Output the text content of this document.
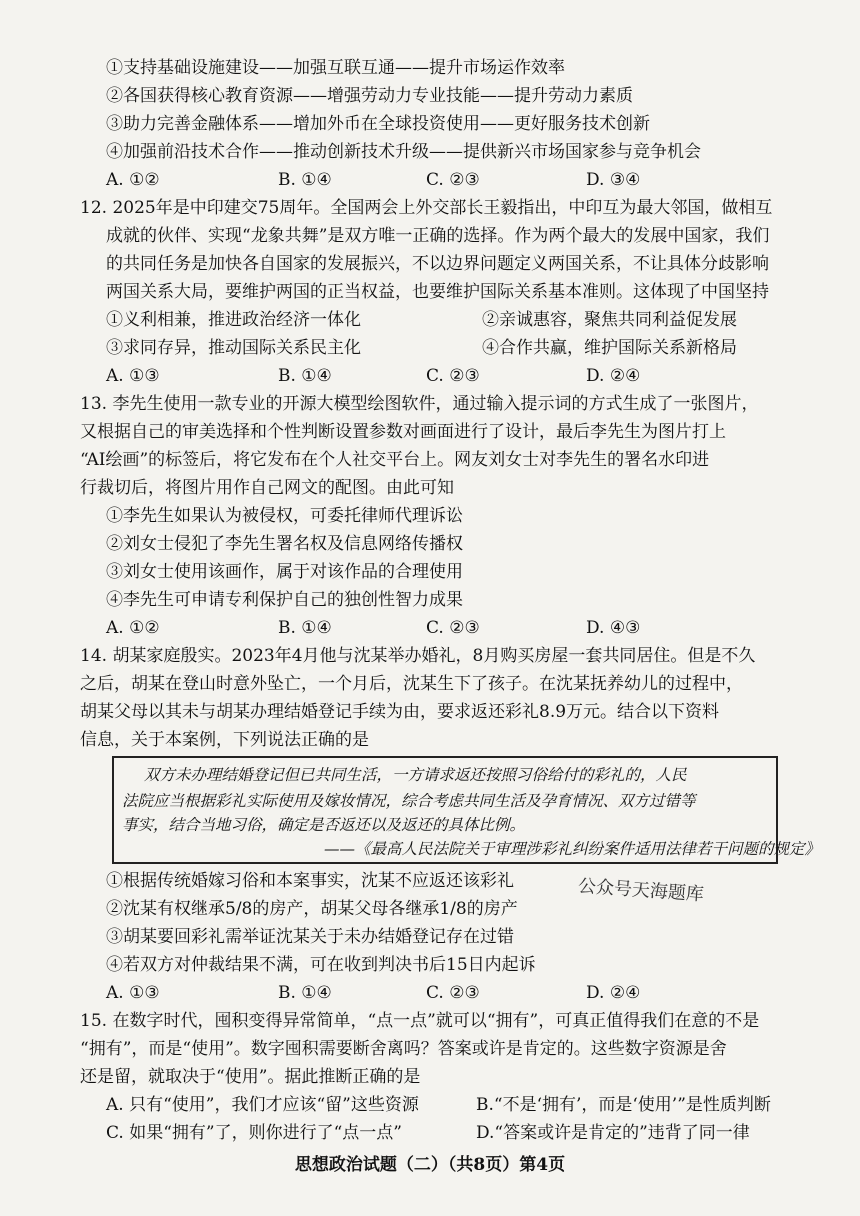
①支持基础设施建设——加强互联互通——提升市场运作效率
②各国获得核心教育资源——增强劳动力专业技能——提升劳动力素质
③助力完善金融体系——增加外币在全球投资使用——更好服务技术创新
④加强前沿技术合作——推动创新技术升级——提供新兴市场国家参与竞争机会
A. ①②	B. ①④	C. ②③	D. ③④
12. 2025年是中印建交75周年。全国两会上外交部长王毅指出，中印互为最大邻国，做相互
成就的伙伴、实现“龙象共舞”是双方唯一正确的选择。作为两个最大的发展中国家，我们
的共同任务是加快各自国家的发展振兴，不以边界问题定义两国关系，不让具体分歧影响
两国关系大局，要维护两国的正当权益，也要维护国际关系基本准则。这体现了中国坚持
①义利相兼，推进政治经济一体化	②亲诚惠容，聚焦共同利益促发展
③求同存异，推动国际关系民主化	④合作共赢，维护国际关系新格局
A. ①③	B. ①④	C. ②③	D. ②④
13. 李先生使用一款专业的开源大模型绘图软件，通过输入提示词的方式生成了一张图片，
又根据自己的审美选择和个性判断设置参数对画面进行了设计，最后李先生为图片打上
“AI绘画”的标签后，将它发布在个人社交平台上。网友刘女士对李先生的署名水印进
行裁切后，将图片用作自己网文的配图。由此可知
①李先生如果认为被侵权，可委托律师代理诉讼
②刘女士侵犯了李先生署名权及信息网络传播权
③刘女士使用该画作，属于对该作品的合理使用
④李先生可申请专利保护自己的独创性智力成果
A. ①②	B. ①④	C. ②③	D. ④③
14. 胡某家庭殷实。2023年4月他与沈某举办婚礼，8月购买房屋一套共同居住。但是不久
之后，胡某在登山时意外坠亡，一个月后，沈某生下了孩子。在沈某抚养幼儿的过程中，
胡某父母以其未与胡某办理结婚登记手续为由，要求返还彩礼8.9万元。结合以下资料
信息，关于本案例，下列说法正确的是
双方未办理结婚登记但已共同生活，一方请求返还按照习俗给付的彩礼的，人民
法院应当根据彩礼实际使用及嫁妆情况，综合考虑共同生活及孕育情况、双方过错等
事实，结合当地习俗，确定是否返还以及返还的具体比例。
——《最高人民法院关于审理涉彩礼纠纷案件适用法律若干问题的规定》
①根据传统婚嫁习俗和本案事实，沈某不应返还该彩礼
②沈某有权继承5/8的房产，胡某父母各继承1/8的房产
③胡某要回彩礼需举证沈某关于未办结婚登记存在过错
④若双方对仲裁结果不满，可在收到判决书后15日内起诉
A. ①③	B. ①④	C. ②③	D. ②④
公众号天海题库
15. 在数字时代，囤积变得异常简单，“点一点”就可以“拥有”，可真正值得我们在意的不是
“拥有”，而是“使用”。数字囤积需要断舍离吗？答案或许是肯定的。这些数字资源是舍
还是留，就取决于“使用”。据此推断正确的是
思想政治试题（二）（共8页）第4页
A. 只有“使用”，我们才应该“留”这些资源	B.“不是‘拥有’，而是‘使用’”是性质判断
C. 如果“拥有”了，则你进行了“点一点”	D.“答案或许是肯定的”违背了同一律
